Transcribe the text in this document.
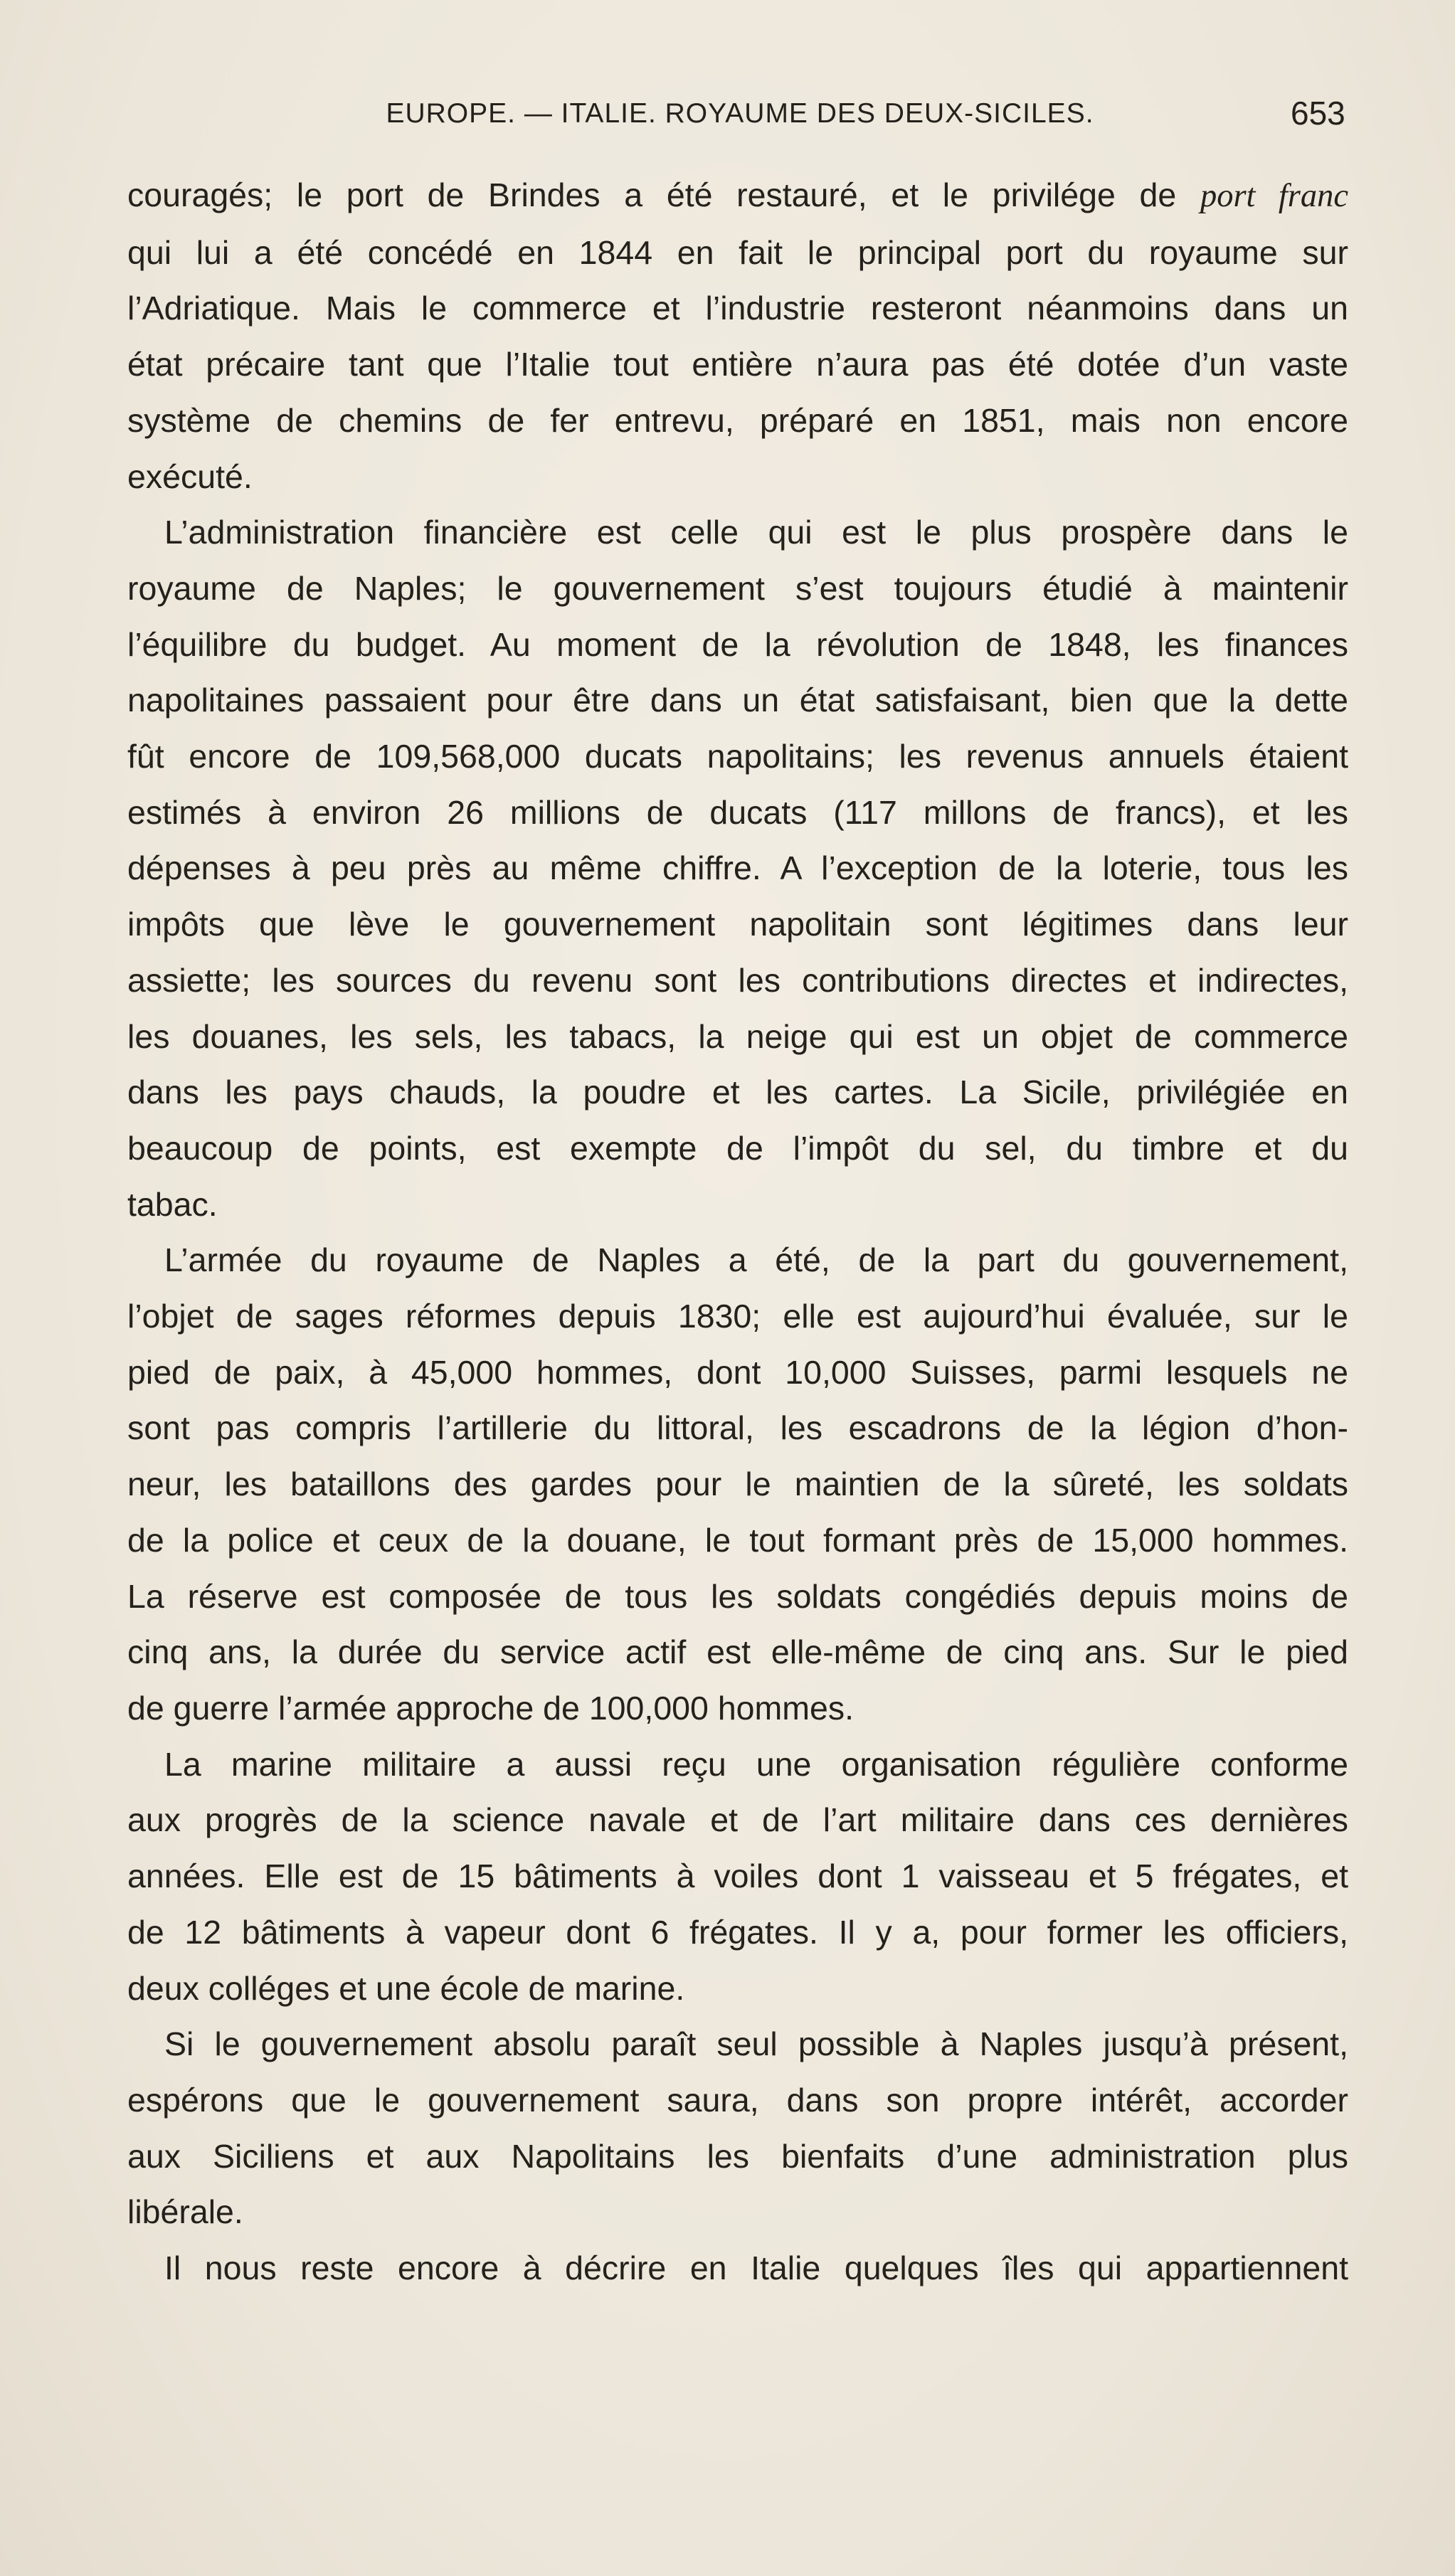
EUROPE. — ITALIE. ROYAUME DES DEUX-SICILES.	653

couragés; le port de Brindes a été restauré, et le privilége de port franc
qui lui a été concédé en 1844 en fait le principal port du royaume sur
l’Adriatique. Mais le commerce et l’industrie resteront néanmoins dans un
état précaire tant que l’Italie tout entière n’aura pas été dotée d’un vaste
système de chemins de fer entrevu, préparé en 1851, mais non encore
exécuté.

L’administration financière est celle qui est le plus prospère dans le
royaume de Naples; le gouvernement s’est toujours étudié à maintenir
l’équilibre du budget. Au moment de la révolution de 1848, les finances
napolitaines passaient pour être dans un état satisfaisant, bien que la dette
fût encore de 109,568,000 ducats napolitains; les revenus annuels étaient
estimés à environ 26 millions de ducats (117 millons de francs), et les
dépenses à peu près au même chiffre. A l’exception de la loterie, tous les
impôts que lève le gouvernement napolitain sont légitimes dans leur
assiette; les sources du revenu sont les contributions directes et indirectes,
les douanes, les sels, les tabacs, la neige qui est un objet de commerce
dans les pays chauds, la poudre et les cartes. La Sicile, privilégiée en
beaucoup de points, est exempte de l’impôt du sel, du timbre et du
tabac.

L’armée du royaume de Naples a été, de la part du gouvernement,
l’objet de sages réformes depuis 1830; elle est aujourd’hui évaluée, sur le
pied de paix, à 45,000 hommes, dont 10,000 Suisses, parmi lesquels ne
sont pas compris l’artillerie du littoral, les escadrons de la légion d’hon-
neur, les bataillons des gardes pour le maintien de la sûreté, les soldats
de la police et ceux de la douane, le tout formant près de 15,000 hommes.
La réserve est composée de tous les soldats congédiés depuis moins de
cinq ans, la durée du service actif est elle-même de cinq ans. Sur le pied
de guerre l’armée approche de 100,000 hommes.

La marine militaire a aussi reçu une organisation régulière conforme
aux progrès de la science navale et de l’art militaire dans ces dernières
années. Elle est de 15 bâtiments à voiles dont 1 vaisseau et 5 frégates, et
de 12 bâtiments à vapeur dont 6 frégates. Il y a, pour former les officiers,
deux colléges et une école de marine.

Si le gouvernement absolu paraît seul possible à Naples jusqu’à présent,
espérons que le gouvernement saura, dans son propre intérêt, accorder
aux Siciliens et aux Napolitains les bienfaits d’une administration plus
libérale.

Il nous reste encore à décrire en Italie quelques îles qui appartiennent
